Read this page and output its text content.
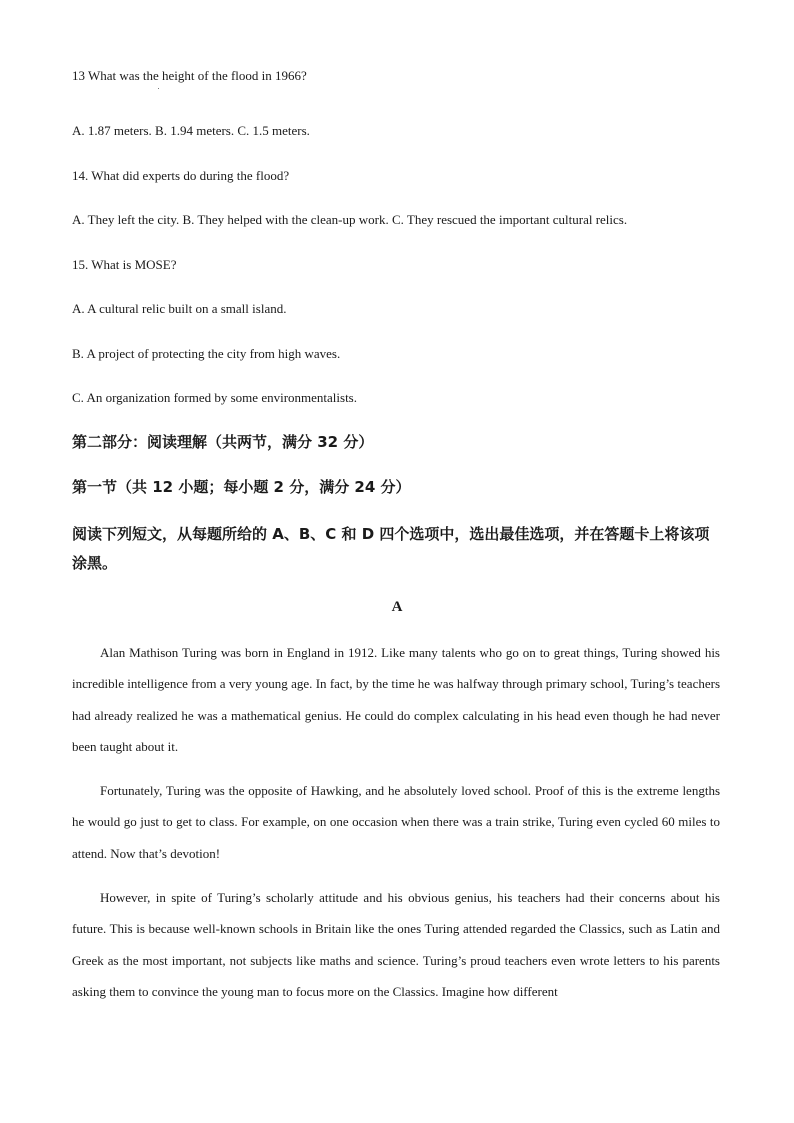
13 What was the height of the flood in 1966?
A. 1.87 meters. B. 1.94 meters. C. 1.5 meters.
14. What did experts do during the flood?
A. They left the city. B. They helped with the clean-up work. C. They rescued the important cultural relics.
15. What is MOSE?
A. A cultural relic built on a small island.
B. A project of protecting the city from high waves.
C. An organization formed by some environmentalists.
第二部分：阅读理解（共两节，满分 32 分）
第一节（共 12 小题；每小题 2 分，满分 24 分）
阅读下列短文，从每题所给的 A、B、C 和 D 四个选项中，选出最佳选项，并在答题卡上将该项涂黑。
A
Alan Mathison Turing was born in England in 1912. Like many talents who go on to great things, Turing showed his incredible intelligence from a very young age. In fact, by the time he was halfway through primary school, Turing’s teachers had already realized he was a mathematical genius. He could do complex calculating in his head even though he had never been taught about it.
Fortunately, Turing was the opposite of Hawking, and he absolutely loved school. Proof of this is the extreme lengths he would go just to get to class. For example, on one occasion when there was a train strike, Turing even cycled 60 miles to attend. Now that’s devotion!
However, in spite of Turing’s scholarly attitude and his obvious genius, his teachers had their concerns about his future. This is because well-known schools in Britain like the ones Turing attended regarded the Classics, such as Latin and Greek as the most important, not subjects like maths and science. Turing’s proud teachers even wrote letters to his parents asking them to convince the young man to focus more on the Classics. Imagine how different
